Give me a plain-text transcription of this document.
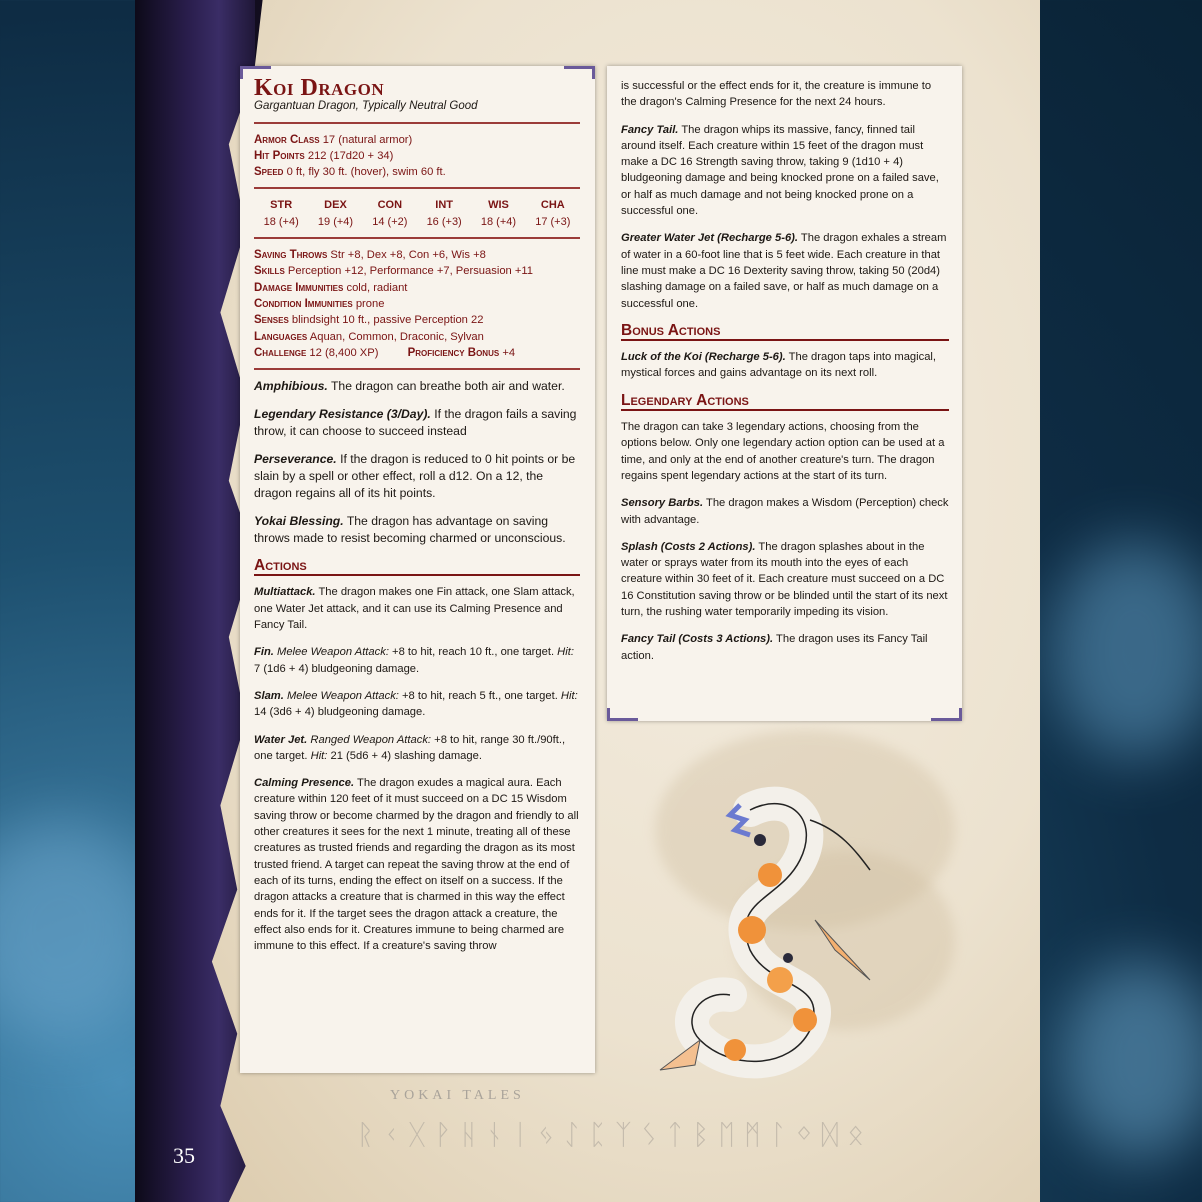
Koi Dragon
Gargantuan Dragon, Typically Neutral Good
Armor Class 17 (natural armor)
Hit Points 212 (17d20 + 34)
Speed 0 ft, fly 30 ft. (hover), swim 60 ft.
STR
18 (+4)
DEX
19 (+4)
CON
14 (+2)
INT
16 (+3)
WIS
18 (+4)
CHA
17 (+3)
Saving Throws Str +8, Dex +8, Con +6, Wis +8
Skills Perception +12, Performance +7, Persuasion +11
Damage Immunities cold, radiant
Condition Immunities prone
Senses blindsight 10 ft., passive Perception 22
Languages Aquan, Common, Draconic, Sylvan
Challenge 12 (8,400 XP)	Proficiency Bonus +4

Amphibious. The dragon can breathe both air and water.

Legendary Resistance (3/Day). If the dragon fails a saving throw, it can choose to succeed instead

Perseverance. If the dragon is reduced to 0 hit points or be slain by a spell or other effect, roll a d12. On a 12, the dragon regains all of its hit points.

Yokai Blessing. The dragon has advantage on saving throws made to resist becoming charmed or unconscious.

Actions

Multiattack. The dragon makes one Fin attack, one Slam attack, one Water Jet attack, and it can use its Calming Presence and Fancy Tail.

Fin. Melee Weapon Attack: +8 to hit, reach 10 ft., one target. Hit: 7 (1d6 + 4) bludgeoning damage.

Slam. Melee Weapon Attack: +8 to hit, reach 5 ft., one target. Hit: 14 (3d6 + 4) bludgeoning damage.

Water Jet. Ranged Weapon Attack: +8 to hit, range 30 ft./90ft., one target. Hit: 21 (5d6 + 4) slashing damage.

Calming Presence. The dragon exudes a magical aura. Each creature within 120 feet of it must succeed on a DC 15 Wisdom saving throw or become charmed by the dragon and friendly to all other creatures it sees for the next 1 minute, treating all of these creatures as trusted friends and regarding the dragon as its most trusted friend. A target can repeat the saving throw at the end of each of its turns, ending the effect on itself on a success. If the dragon attacks a creature that is charmed in this way the effect ends for it. If the target sees the dragon attack a creature, the effect also ends for it. Creatures immune to being charmed are immune to this effect. If a creature's saving throw

is successful or the effect ends for it, the creature is immune to the dragon's Calming Presence for the next 24 hours.

Fancy Tail. The dragon whips its massive, fancy, finned tail around itself. Each creature within 15 feet of the dragon must make a DC 16 Strength saving throw, taking 9 (1d10 + 4) bludgeoning damage and being knocked prone on a failed save, or half as much damage and not being knocked prone on a successful one.

Greater Water Jet (Recharge 5-6). The dragon exhales a stream of water in a 60-foot line that is 5 feet wide. Each creature in that line must make a DC 16 Dexterity saving throw, taking 50 (20d4) slashing damage on a failed save, or half as much damage on a successful one.

Bonus Actions

Luck of the Koi (Recharge 5-6). The dragon taps into magical, mystical forces and gains advantage on its next roll.

Legendary Actions

The dragon can take 3 legendary actions, choosing from the options below. Only one legendary action option can be used at a time, and only at the end of another creature's turn. The dragon regains spent legendary actions at the start of its turn.

Sensory Barbs. The dragon makes a Wisdom (Perception) check with advantage.

Splash (Costs 2 Actions). The dragon splashes about in the water or sprays water from its mouth into the eyes of each creature within 30 feet of it. Each creature must succeed on a DC 16 Constitution saving throw or be blinded until the start of its next turn, the rushing water temporarily impeding its vision.

Fancy Tail (Costs 3 Actions). The dragon uses its Fancy Tail action.

YOKAI TALES
ᚱᚲᚷᚹᚺᚾᛁᛃᛇᛈᛉᛊᛏᛒᛖᛗᛚᛜᛞᛟ
35
